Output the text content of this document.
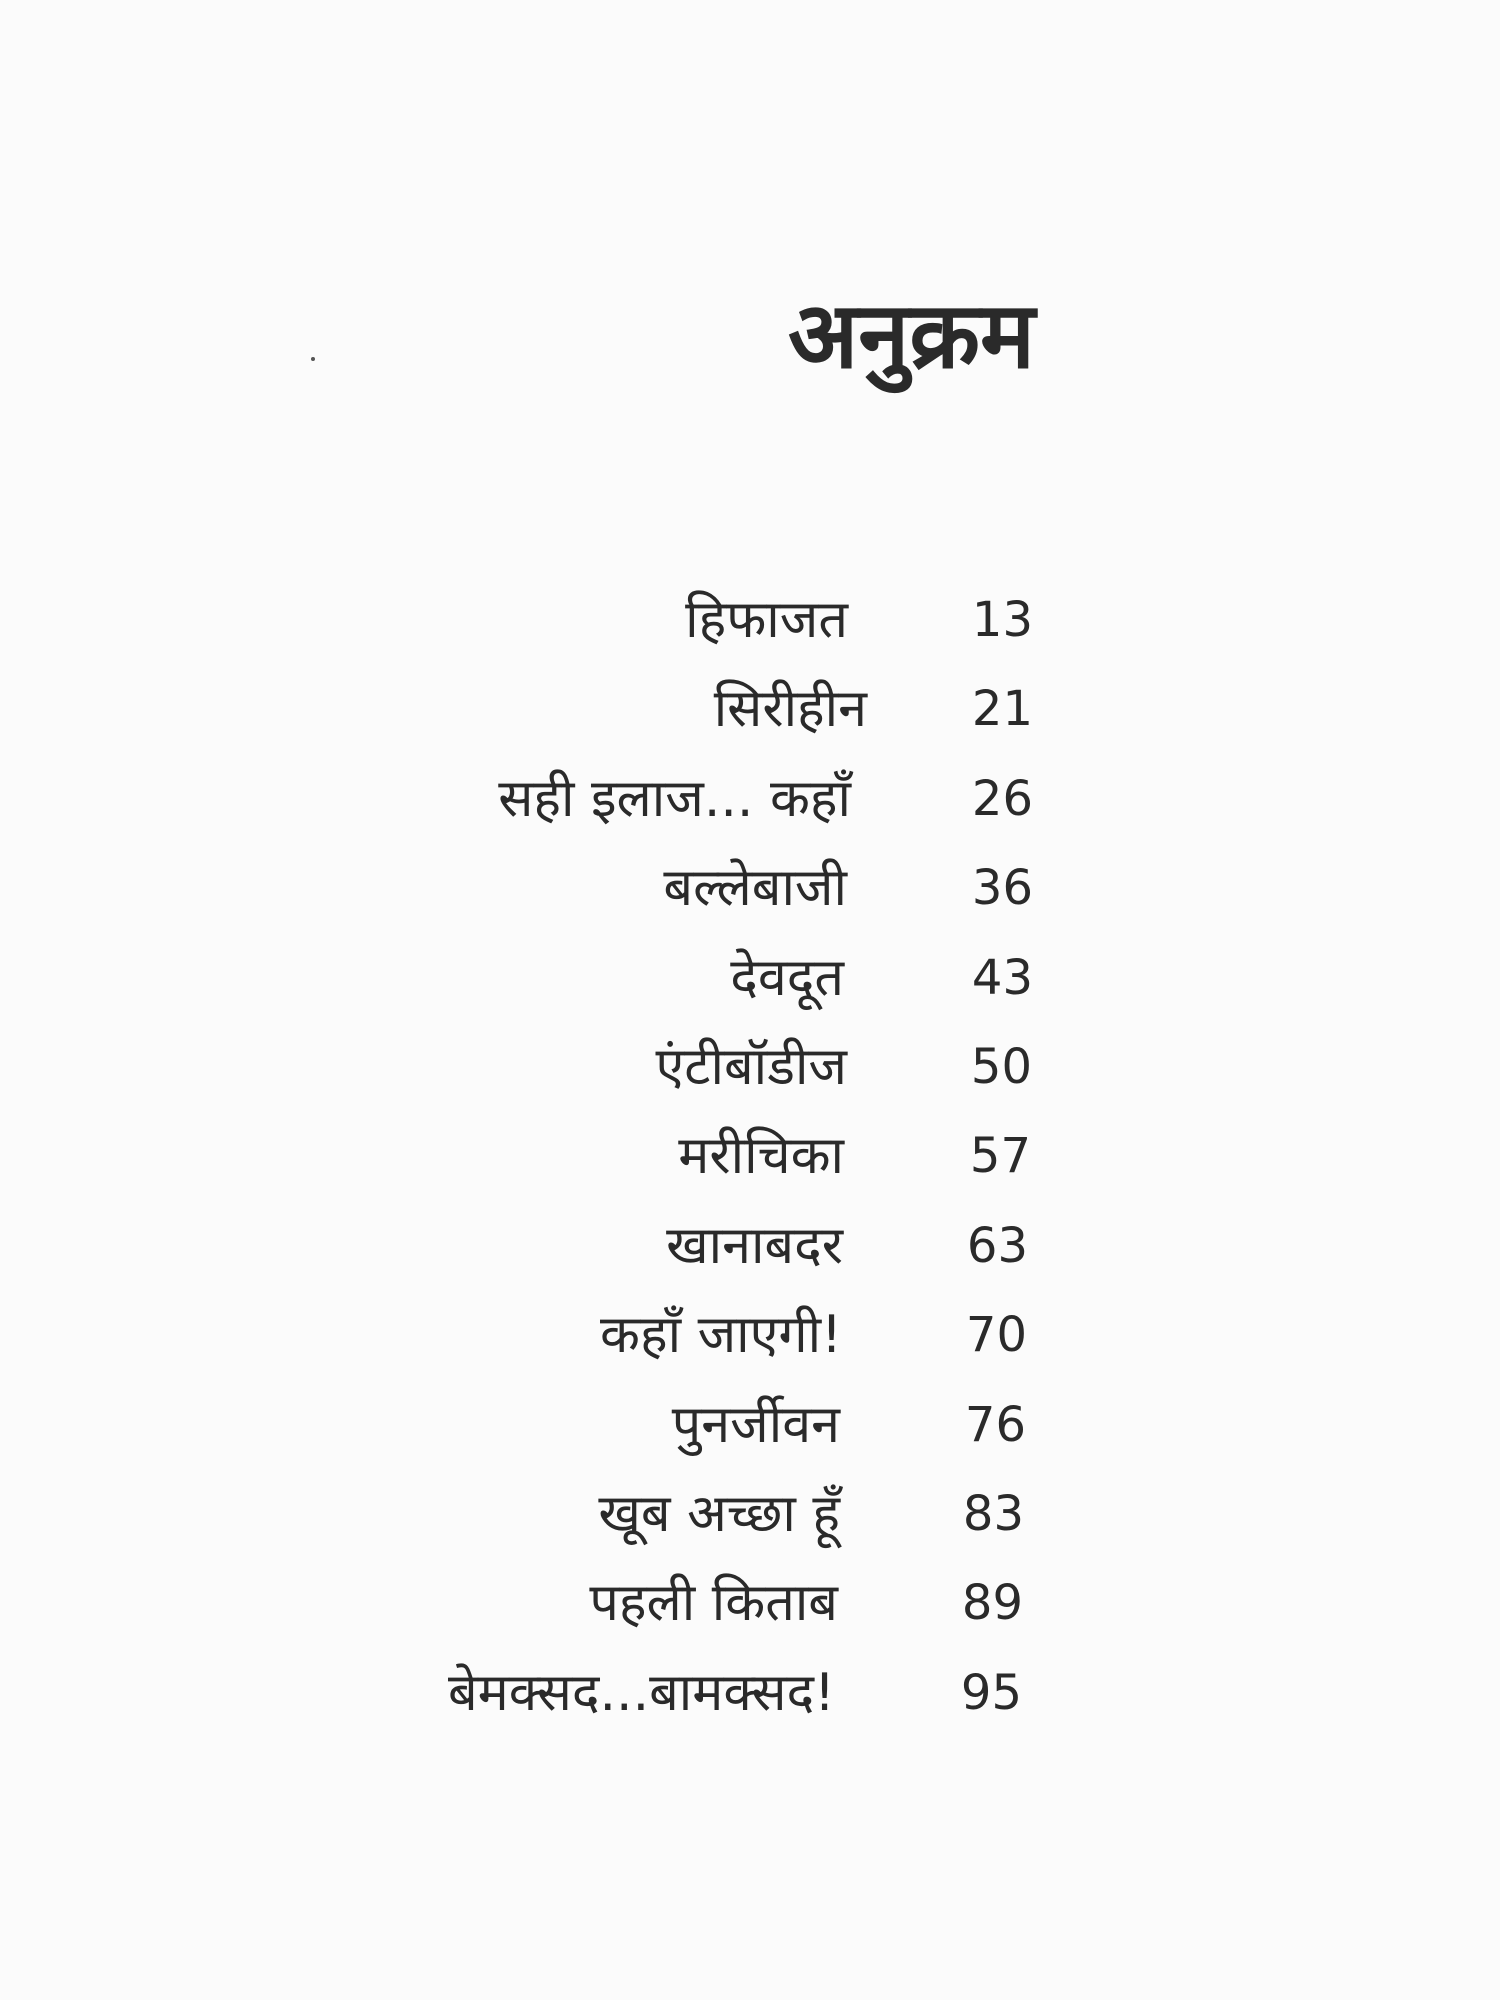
अनुक्रम
हिफाजत	13
सिरीहीन 21
सही इलाज... कहाँ	26
बल्लेबाजी	36
देवदूत	43
एंटीबॉडीज	50
मरीचिका	57
खानाबदर	63
कहाँ जाएगी!	70
पुनर्जीवन	76
खूब अच्छा हूँ	83
पहली किताब	89
बेमक्सद...बामक्सद!	95
